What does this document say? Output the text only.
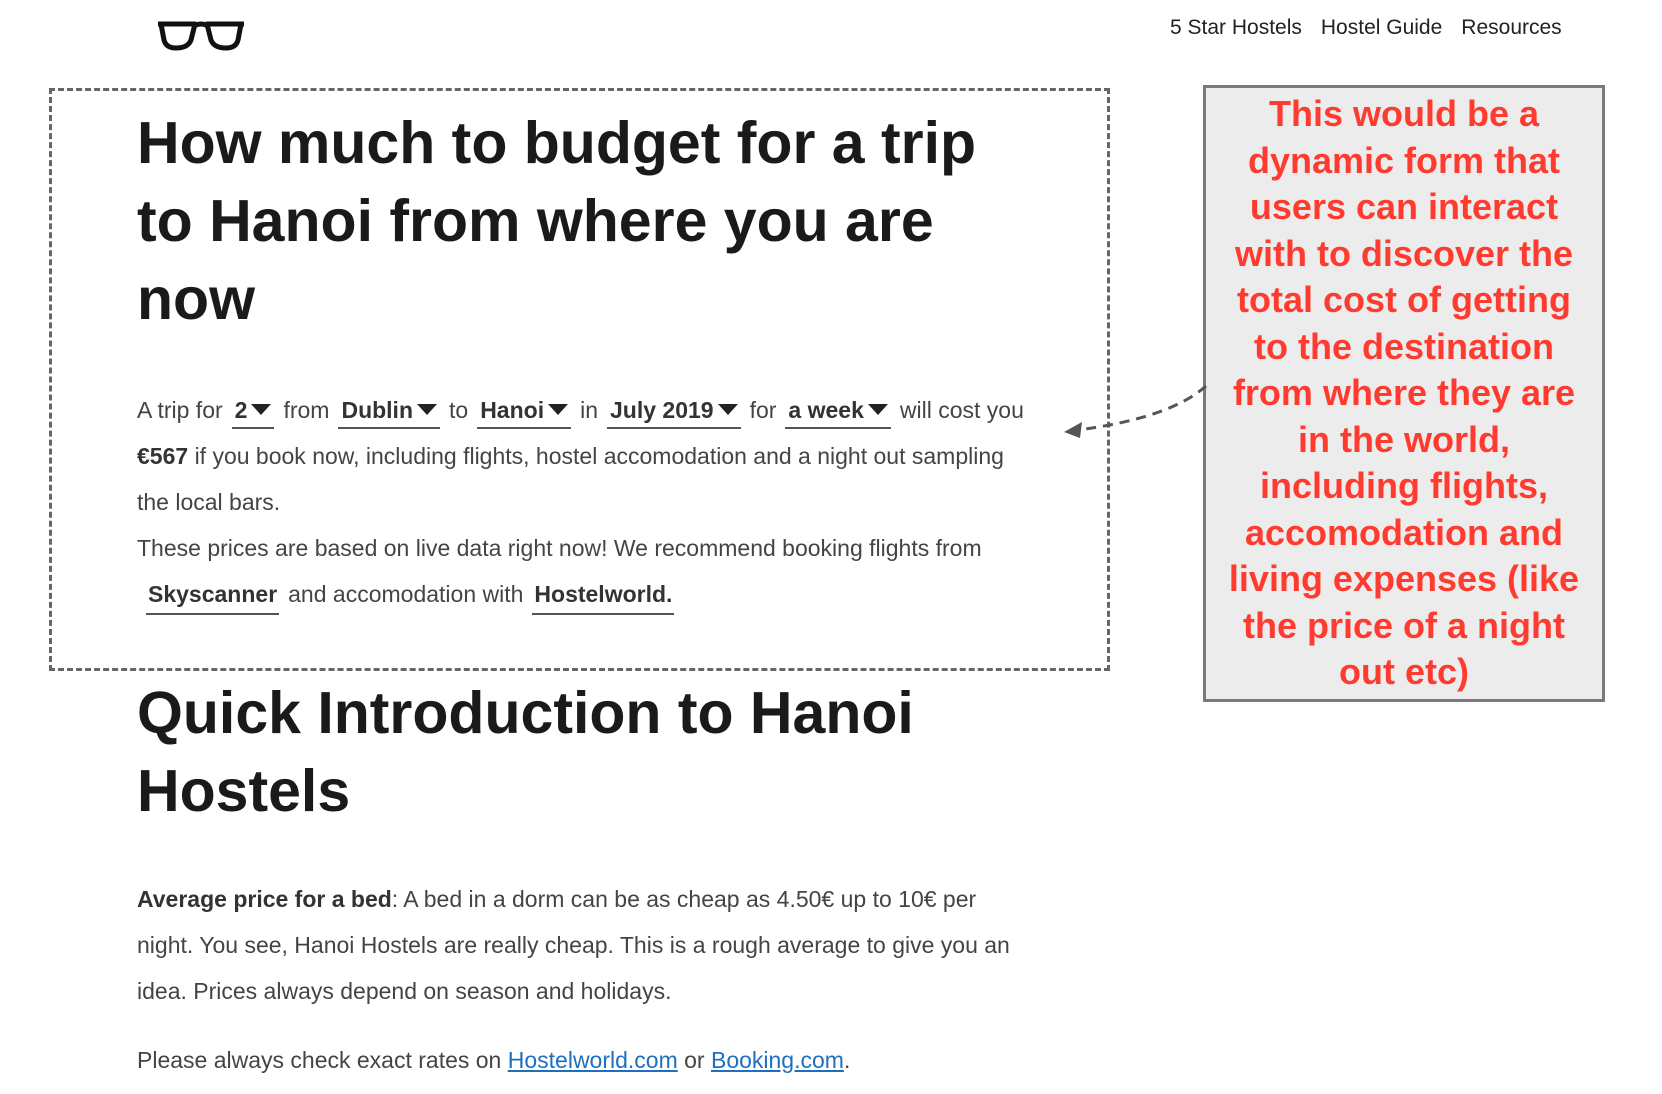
5 Star Hostels Hostel Guide Resources
How much to budget for a trip to Hanoi from where you are now

A trip for 2 from Dublin to Hanoi in July 2019 for a week will cost you €567 if you book now, including flights, hostel accomodation and a night out sampling the local bars.

These prices are based on live data right now! We recommend booking flights fromSkyscanner and accomodation with Hostelworld.

This would be a dynamic form that users can interact with to discover the total cost of getting to the destination from where they are in the world, including flights, accomodation and living expenses (like the price of a night out etc)
Quick Introduction to Hanoi Hostels

Average price for a bed: A bed in a dorm can be as cheap as 4.50€ up to 10€ per night. You see, Hanoi Hostels are really cheap. This is a rough average to give you an idea. Prices always depend on season and holidays.

Please always check exact rates on Hostelworld.com or Booking.com.
